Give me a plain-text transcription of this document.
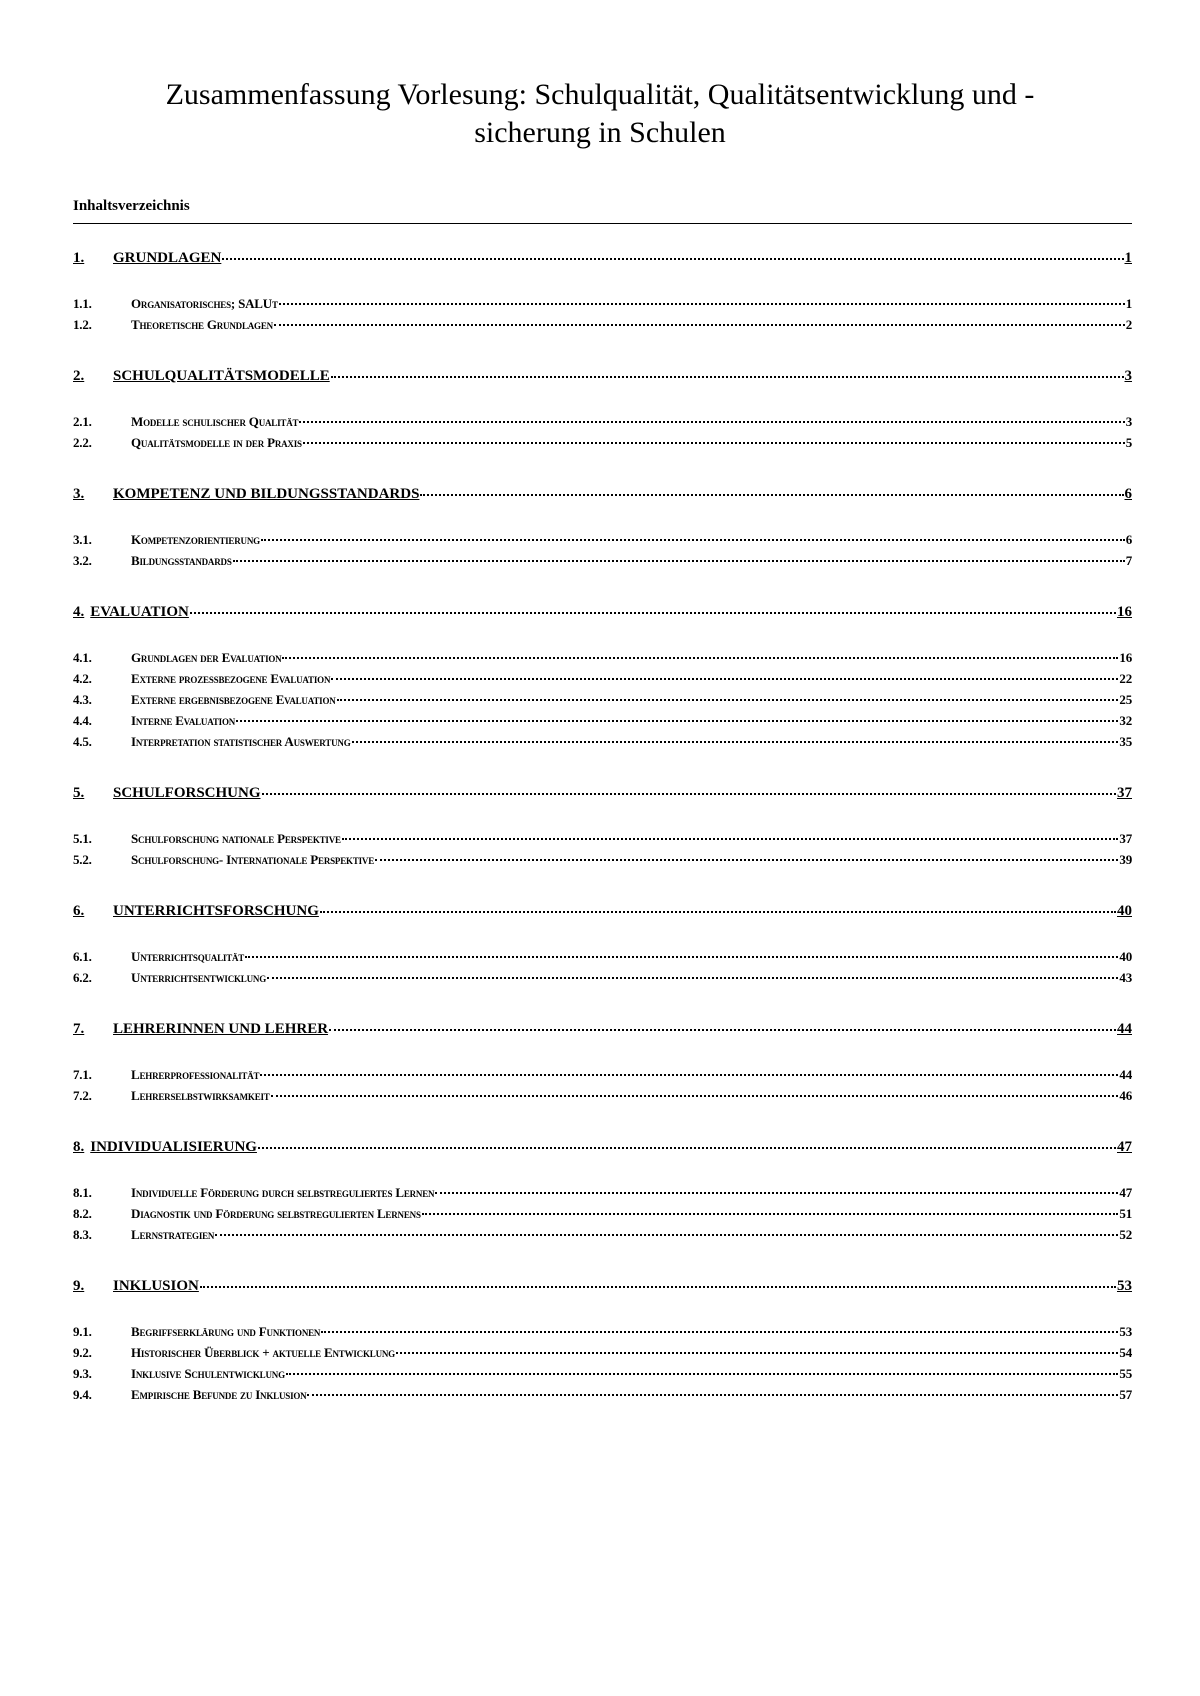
Zusammenfassung Vorlesung: Schulqualität, Qualitätsentwicklung und -
sicherung in Schulen
Inhaltsverzeichnis
1.	GRUNDLAGEN	1
1.1.	Organisatorisches; SALUt	1
1.2.	Theoretische Grundlagen	2
2.	SCHULQUALITÄTSMODELLE	3
2.1.	Modelle schulischer Qualität	3
2.2.	Qualitätsmodelle in der Praxis	5
3.	KOMPETENZ UND BILDUNGSSTANDARDS	6
3.1.	Kompetenzorientierung	6
3.2.	Bildungsstandards	7
4. EVALUATION	16
4.1.	Grundlagen der Evaluation	16
4.2.	Externe prozessbezogene Evaluation	22
4.3.	Externe ergebnisbezogene Evaluation	25
4.4.	Interne Evaluation	32
4.5.	Interpretation statistischer Auswertung	35
5.	SCHULFORSCHUNG	37
5.1.	Schulforschung nationale Perspektive	37
5.2.	Schulforschung- Internationale Perspektive	39
6.	UNTERRICHTSFORSCHUNG	40
6.1.	Unterrichtsqualität	40
6.2.	Unterrichtsentwicklung	43
7.	LEHRERINNEN UND LEHRER	44
7.1.	Lehrerprofessionalität	44
7.2.	Lehrerselbstwirksamkeit	46
8. INDIVIDUALISIERUNG	47
8.1.	Individuelle Förderung durch selbstreguliertes Lernen	47
8.2.	Diagnostik und Förderung selbstregulierten Lernens	51
8.3.	Lernstrategien	52
9.	INKLUSION	53
9.1.	Begriffserklärung und Funktionen	53
9.2.	Historischer Überblick + aktuelle Entwicklung	54
9.3.	Inklusive Schulentwicklung	55
9.4.	Empirische Befunde zu Inklusion	57
